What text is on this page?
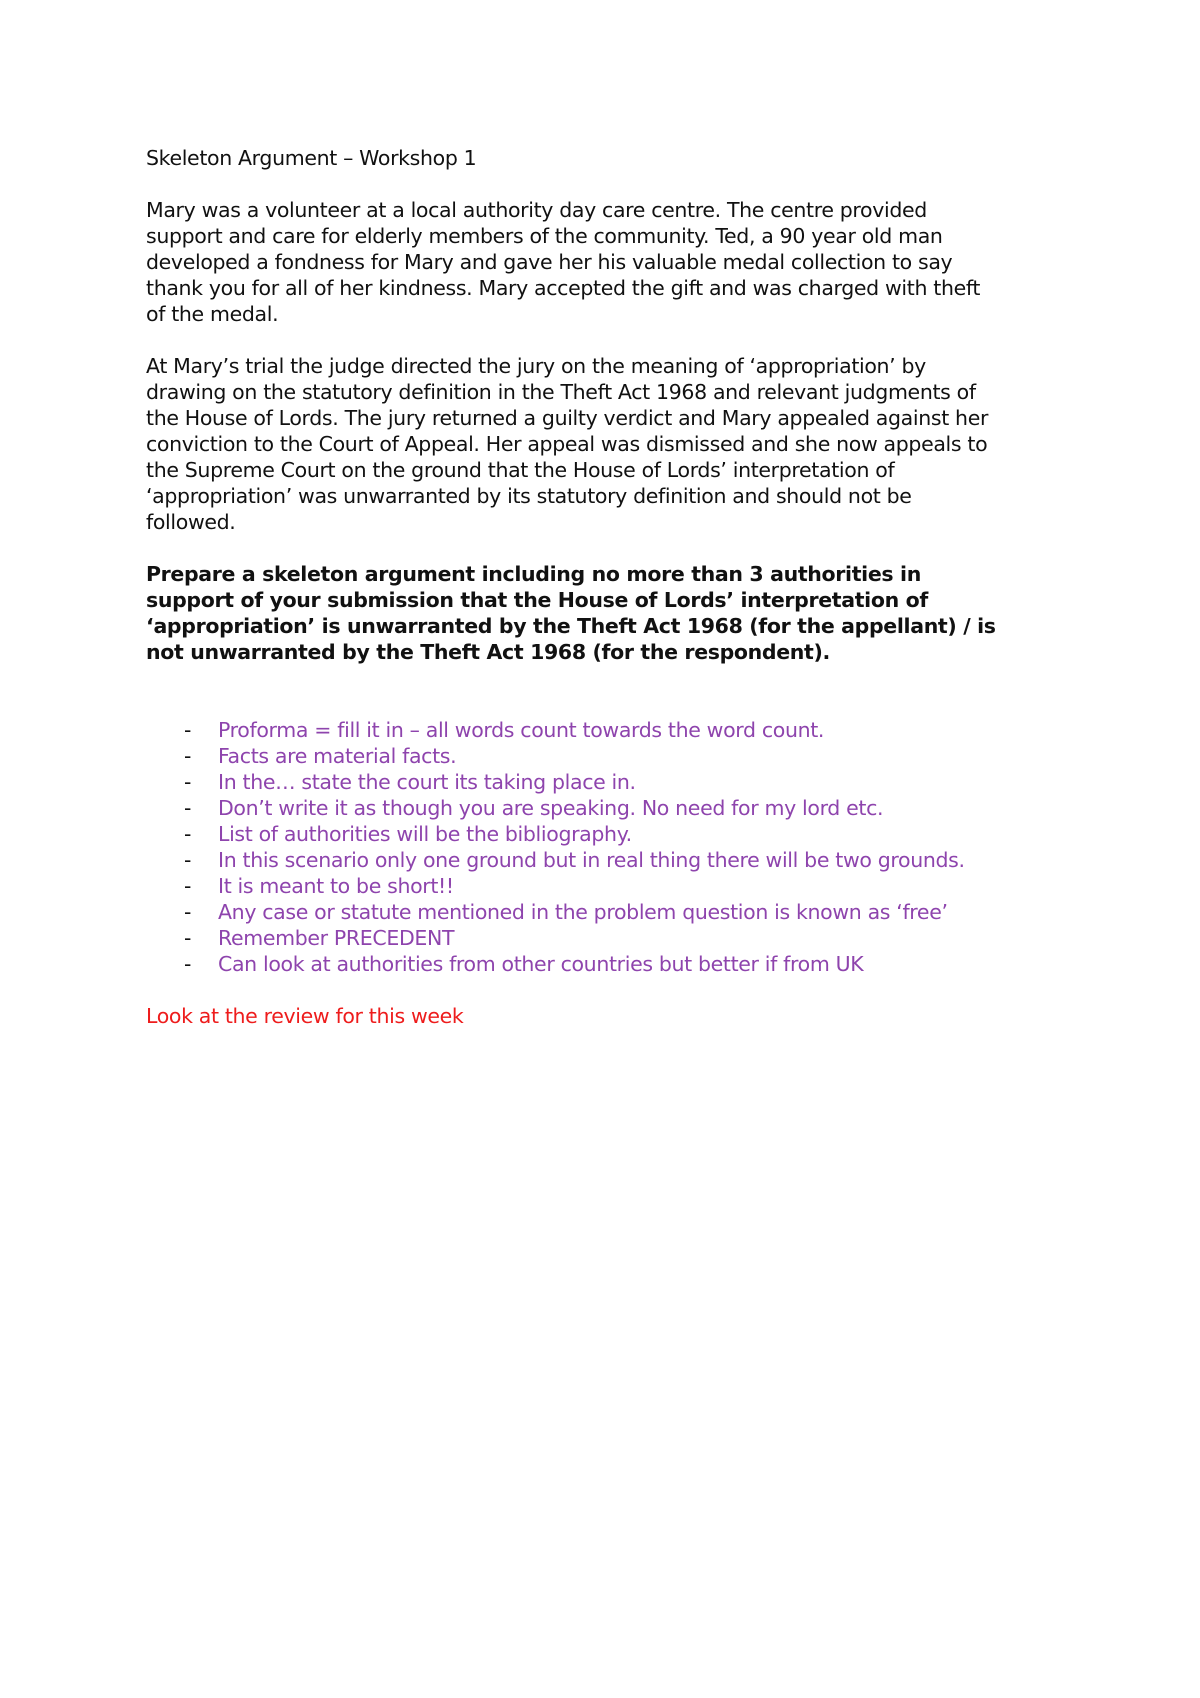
Skeleton Argument – Workshop 1

Mary was a volunteer at a local authority day care centre. The centre provided
support and care for elderly members of the community. Ted, a 90 year old man
developed a fondness for Mary and gave her his valuable medal collection to say
thank you for all of her kindness. Mary accepted the gift and was charged with theft
of the medal.

At Mary’s trial the judge directed the jury on the meaning of ‘appropriation’ by
drawing on the statutory definition in the Theft Act 1968 and relevant judgments of
the House of Lords. The jury returned a guilty verdict and Mary appealed against her
conviction to the Court of Appeal. Her appeal was dismissed and she now appeals to
the Supreme Court on the ground that the House of Lords’ interpretation of
‘appropriation’ was unwarranted by its statutory definition and should not be
followed.

Prepare a skeleton argument including no more than 3 authorities in
support of your submission that the House of Lords’ interpretation of
‘appropriation’ is unwarranted by the Theft Act 1968 (for the appellant) / is
not unwarranted by the Theft Act 1968 (for the respondent).

- Proforma = fill it in – all words count towards the word count.
- Facts are material facts.
- In the… state the court its taking place in.
- Don’t write it as though you are speaking. No need for my lord etc.
- List of authorities will be the bibliography.
- In this scenario only one ground but in real thing there will be two grounds.
- It is meant to be short!!
- Any case or statute mentioned in the problem question is known as ‘free’
- Remember PRECEDENT
- Can look at authorities from other countries but better if from UK

Look at the review for this week
